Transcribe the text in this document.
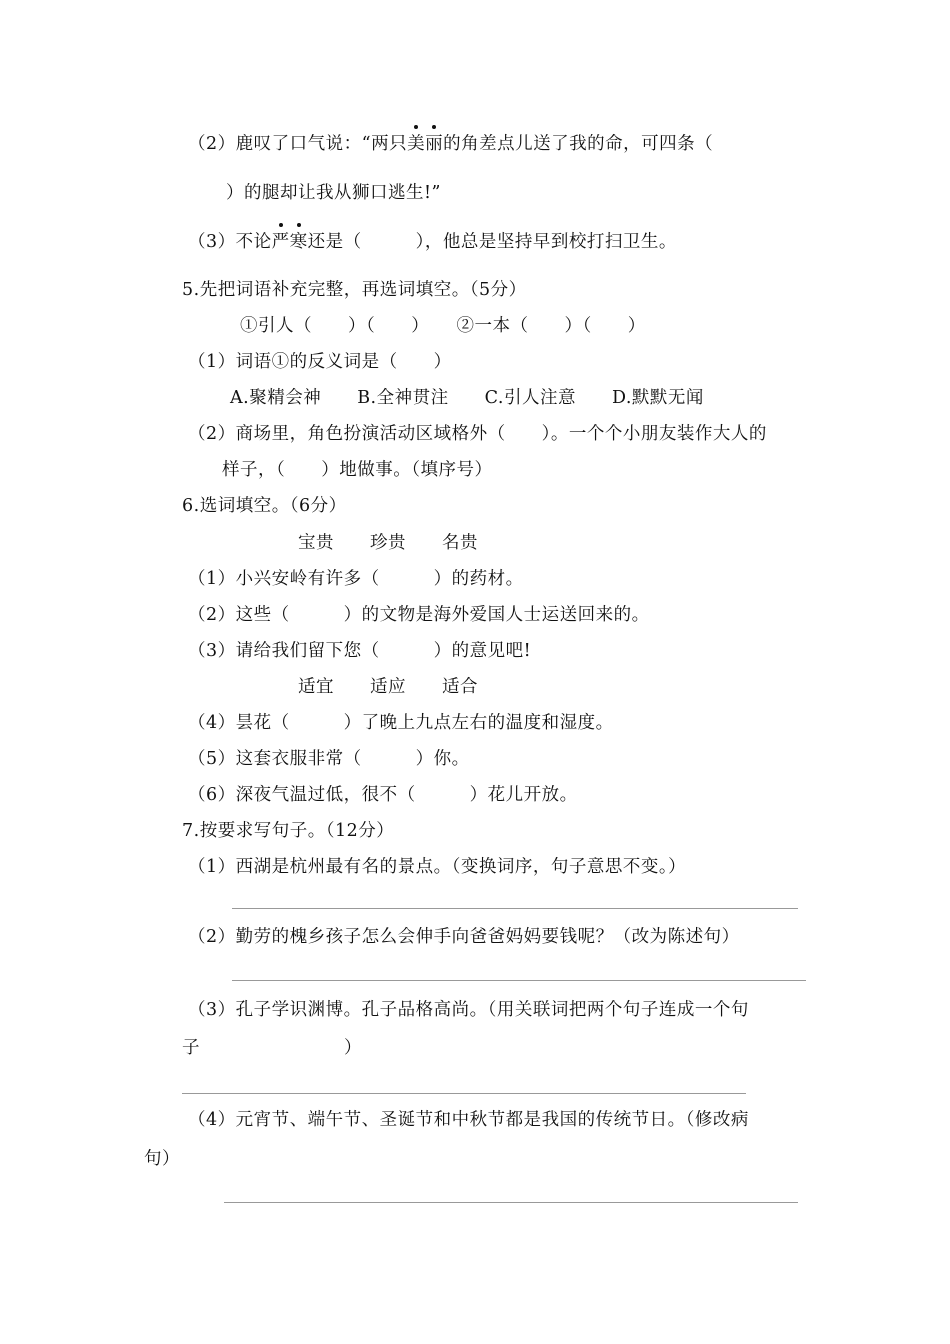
（2）鹿叹了口气说：“两只美丽的角差点儿送了我的命，可四条（
）的腿却让我从狮口逃生!”
（3）不论严寒还是（　　　），他总是坚持早到校打扫卫生。
5.先把词语补充完整，再选词填空。（5分）
①引人（　　）（　　）　　②一本（　　）（　　）
（1）词语①的反义词是（　　）
A.聚精会神　　B.全神贯注　　C.引人注意　　D.默默无闻
（2）商场里，角色扮演活动区域格外（　　）。一个个小朋友装作大人的
样子，（　　）地做事。（填序号）
6.选词填空。（6分）
宝贵　　珍贵　　名贵
（1）小兴安岭有许多（　　　）的药材。
（2）这些（　　　）的文物是海外爱国人士运送回来的。
（3）请给我们留下您（　　　）的意见吧!
适宜　　适应　　适合
（4）昙花（　　　）了晚上九点左右的温度和湿度。
（5）这套衣服非常（　　　）你。
（6）深夜气温过低，很不（　　　）花儿开放。
7.按要求写句子。（12分）
（1）西湖是杭州最有名的景点。（变换词序，句子意思不变。）
（2）勤劳的槐乡孩子怎么会伸手向爸爸妈妈要钱呢？（改为陈述句）
（3）孔子学识渊博。孔子品格高尚。（用关联词把两个句子连成一个句
子　　　　　　　　）
（4）元宵节、端午节、圣诞节和中秋节都是我国的传统节日。（修改病
句）
